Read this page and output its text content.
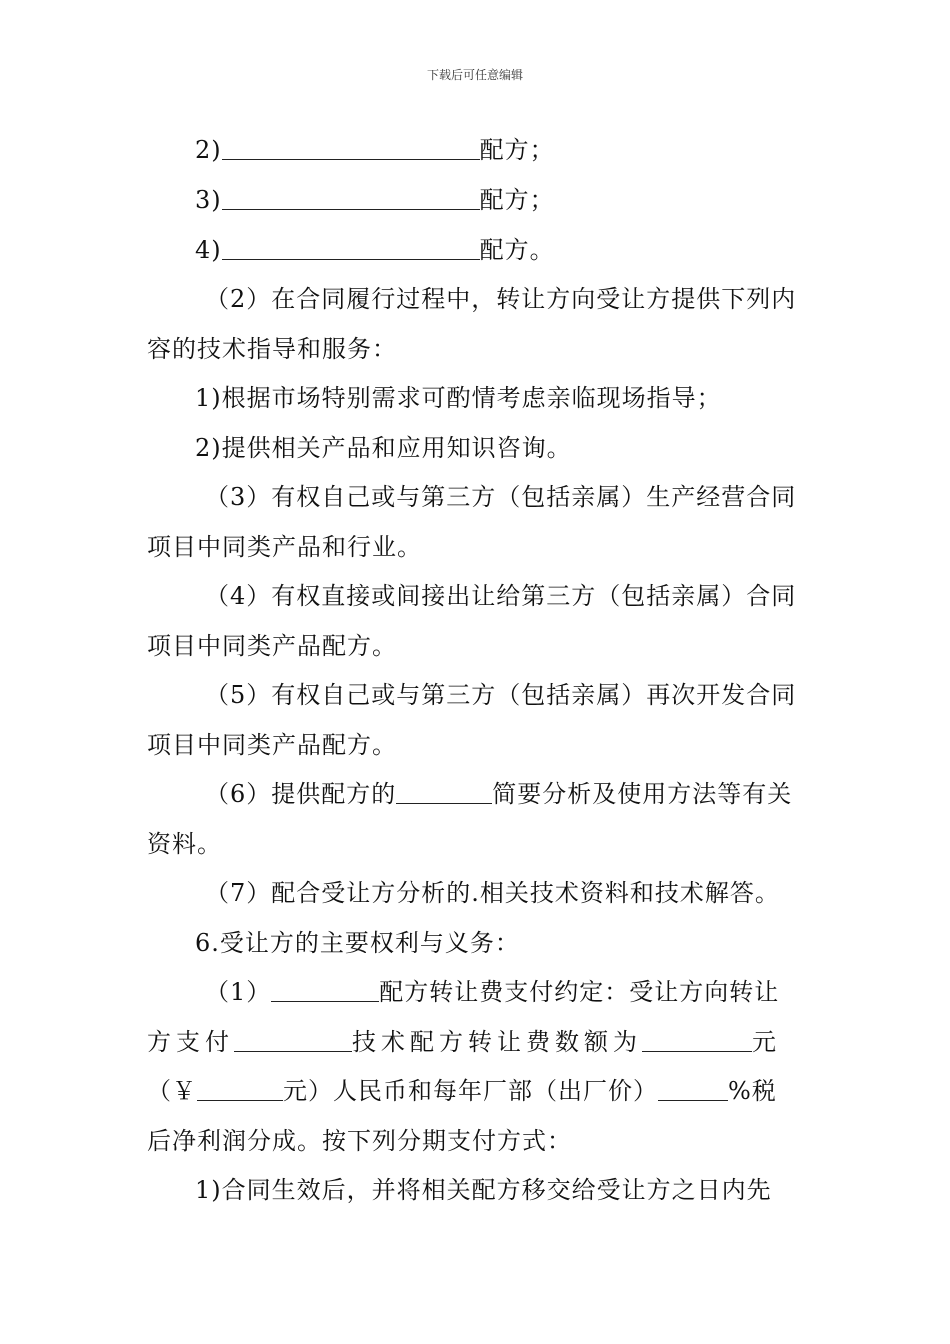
下载后可任意编辑
2)	配方；
3)	配方；
4)	配方。
（2）在合同履行过程中，转让方向受让方提供下列内
容的技术指导和服务：
1)根据市场特别需求可酌情考虑亲临现场指导；
2)提供相关产品和应用知识咨询。
（3）有权自己或与第三方（包括亲属）生产经营合同
项目中同类产品和行业。
（4）有权直接或间接出让给第三方（包括亲属）合同
项目中同类产品配方。
（5）有权自己或与第三方（包括亲属）再次开发合同
项目中同类产品配方。
（6）提供配方的	简要分析及使用方法等有关
资料。
（7）配合受让方分析的.相关技术资料和技术解答。
6.受让方的主要权利与义务：
（1）	配方转让费支付约定：受让方向转让
方支付	技术配方转让费数额为	元
（￥	元）人民币和每年厂部（出厂价）	%税
后净利润分成。按下列分期支付方式：
1)合同生效后，并将相关配方移交给受让方之日内先
